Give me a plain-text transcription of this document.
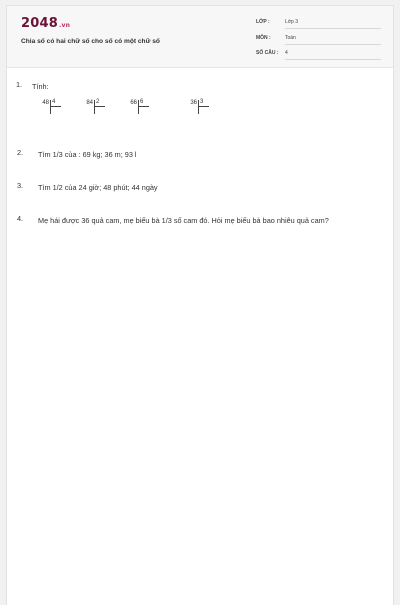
2048.vn
Chia số có hai chữ số cho số có một chữ số
LỚP :	Lớp 3
MÔN :	Toán
SỐ CÂU : 4
1. Tính:
48 4	84 2	66 6	36 3
2. Tìm 1/3 của : 69 kg; 36 m; 93 l
3. Tìm 1/2 của 24 giờ; 48 phút; 44 ngày
4. Mẹ hái được 36 quả cam, mẹ biếu bà 1/3 số cam đó. Hỏi mẹ biếu bà bao nhiêu quả cam?
